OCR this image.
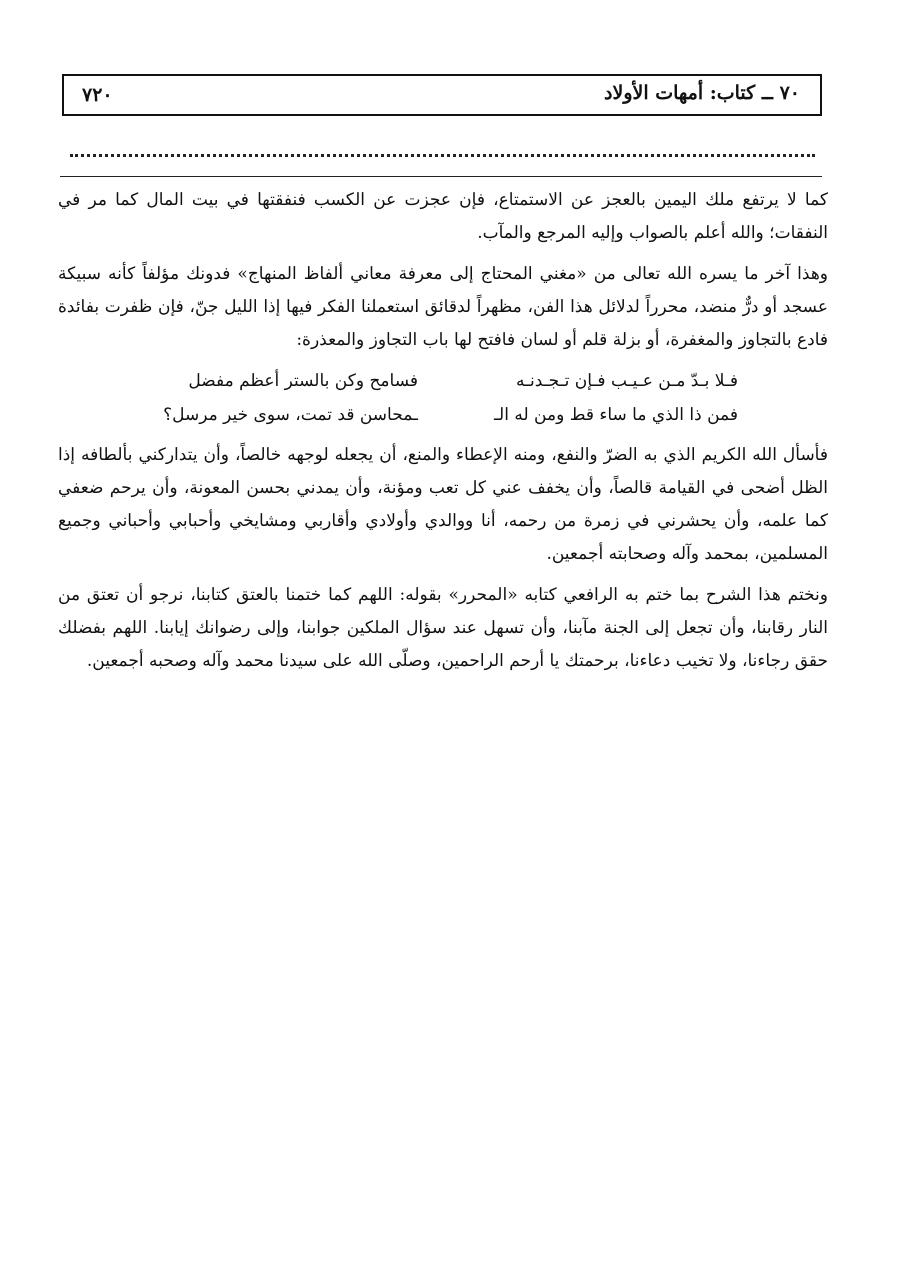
٧٢٠	٧٠ ــ كتاب: أمهات الأولاد

كما لا يرتفع ملك اليمين بالعجز عن الاستمتاع، فإن عجزت عن الكسب فنفقتها في بيت المال كما مر في النفقات؛ والله أعلم بالصواب وإليه المرجع والمآب.

وهذا آخر ما يسره الله تعالى من «مغني المحتاج إلى معرفة معاني ألفاظ المنهاج» فدونك مؤلفاً كأنه سبيكة عسجد أو درٌّ منضد، محرراً لدلائل هذا الفن، مظهراً لدقائق استعملنا الفكر فيها إذا الليل جنّ، فإن ظفرت بفائدة فادع بالتجاوز والمغفرة، أو بزلة قلم أو لسان فافتح لها باب التجاوز والمعذرة:

فـلا بـدّ مـن عـيـب فـإن تـجـدنـه
فسامح وكن بالستر أعظم مفضل
فمن ذا الذي ما ساء قط ومن له الـ
ـمحاسن قد تمت، سوى خير مرسل؟

فأسأل الله الكريم الذي به الضرّ والنفع، ومنه الإعطاء والمنع، أن يجعله لوجهه خالصاً، وأن يتداركني بألطافه إذا الظل أضحى في القيامة قالصاً، وأن يخفف عني كل تعب ومؤنة، وأن يمدني بحسن المعونة، وأن يرحم ضعفي كما علمه، وأن يحشرني في زمرة من رحمه، أنا ووالدي وأولادي وأقاربي ومشايخي وأحبابي وأحباني وجميع المسلمين، بمحمد وآله وصحابته أجمعين.

ونختم هذا الشرح بما ختم به الرافعي كتابه «المحرر» بقوله: اللهم كما ختمنا بالعتق كتابنا، نرجو أن تعتق من النار رقابنا، وأن تجعل إلى الجنة مآبنا، وأن تسهل عند سؤال الملكين جوابنا، وإلى رضوانك إيابنا. اللهم بفضلك حقق رجاءنا، ولا تخيب دعاءنا، برحمتك يا أرحم الراحمين، وصلّى الله على سيدنا محمد وآله وصحبه أجمعين.
